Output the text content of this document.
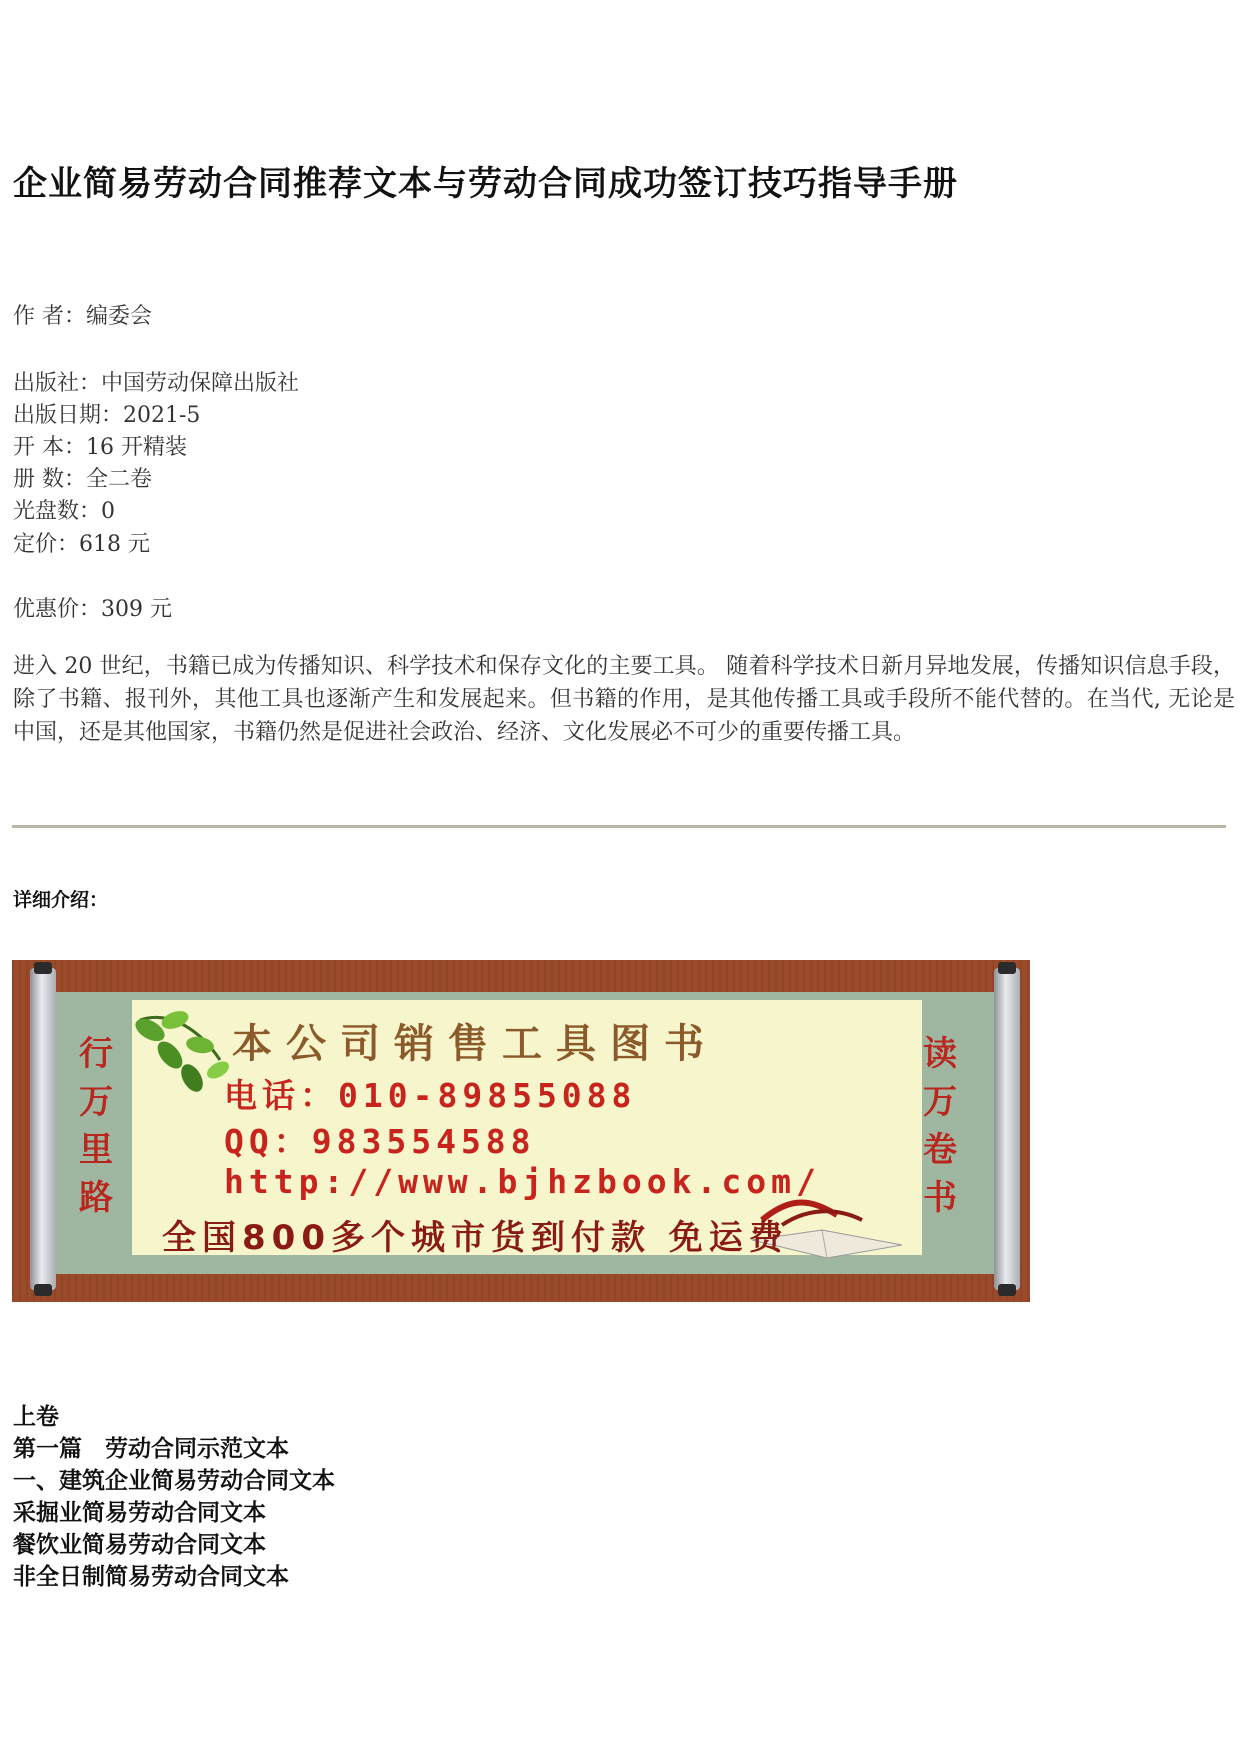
企业简易劳动合同推荐文本与劳动合同成功签订技巧指导手册
作 者：编委会
出版社：中国劳动保障出版社
出版日期：2021-5
开 本：16 开精装
册 数：全二卷
光盘数：0
定价：618 元
优惠价：309 元
进入 20 世纪，书籍已成为传播知识、科学技术和保存文化的主要工具。 随着科学技术日新月异地发展，传播知识信息手段，除了书籍、报刊外，其他工具也逐渐产生和发展起来。但书籍的作用，是其他传播工具或手段所不能代替的。在当代, 无论是中国，还是其他国家，书籍仍然是促进社会政治、经济、文化发展必不可少的重要传播工具。
详细介绍：
行
万
里
路
读
万
卷
书
本公司销售工具图书
电话：010-89855088
QQ：983554588
http://www.bjhzbook.com/
全国800多个城市货到付款 免运费
上卷
第一篇　劳动合同示范文本
一、建筑企业简易劳动合同文本
采掘业简易劳动合同文本
餐饮业简易劳动合同文本
非全日制简易劳动合同文本
